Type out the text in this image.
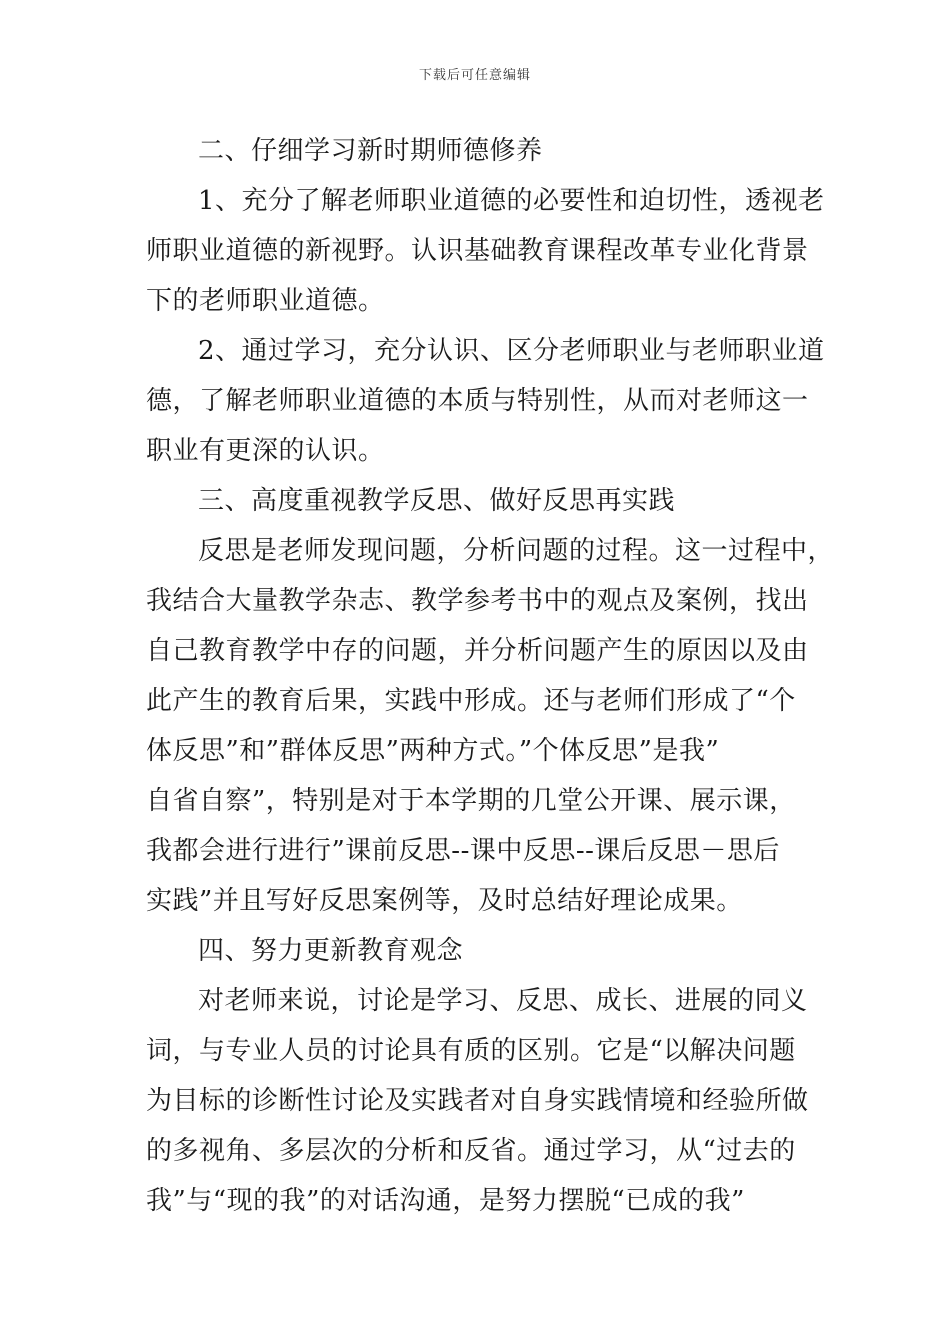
下载后可任意编辑
二、仔细学习新时期师德修养
1、充分了解老师职业道德的必要性和迫切性，透视老
师职业道德的新视野。认识基础教育课程改革专业化背景
下的老师职业道德。
2、通过学习，充分认识、区分老师职业与老师职业道
德，了解老师职业道德的本质与特别性，从而对老师这一
职业有更深的认识。
三、高度重视教学反思、做好反思再实践
反思是老师发现问题，分析问题的过程。这一过程中，
我结合大量教学杂志、教学参考书中的观点及案例，找出
自己教育教学中存的问题，并分析问题产生的原因以及由
此产生的教育后果，实践中形成。还与老师们形成了“个
体反思”和”群体反思”两种方式。”个体反思”是我”
自省自察”，特别是对于本学期的几堂公开课、展示课，
我都会进行进行”课前反思--课中反思--课后反思－思后
实践”并且写好反思案例等，及时总结好理论成果。
四、努力更新教育观念
对老师来说，讨论是学习、反思、成长、进展的同义
词，与专业人员的讨论具有质的区别。它是“以解决问题
为目标的诊断性讨论及实践者对自身实践情境和经验所做
的多视角、多层次的分析和反省。通过学习，从“过去的
我”与“现的我”的对话沟通，是努力摆脱“已成的我”
